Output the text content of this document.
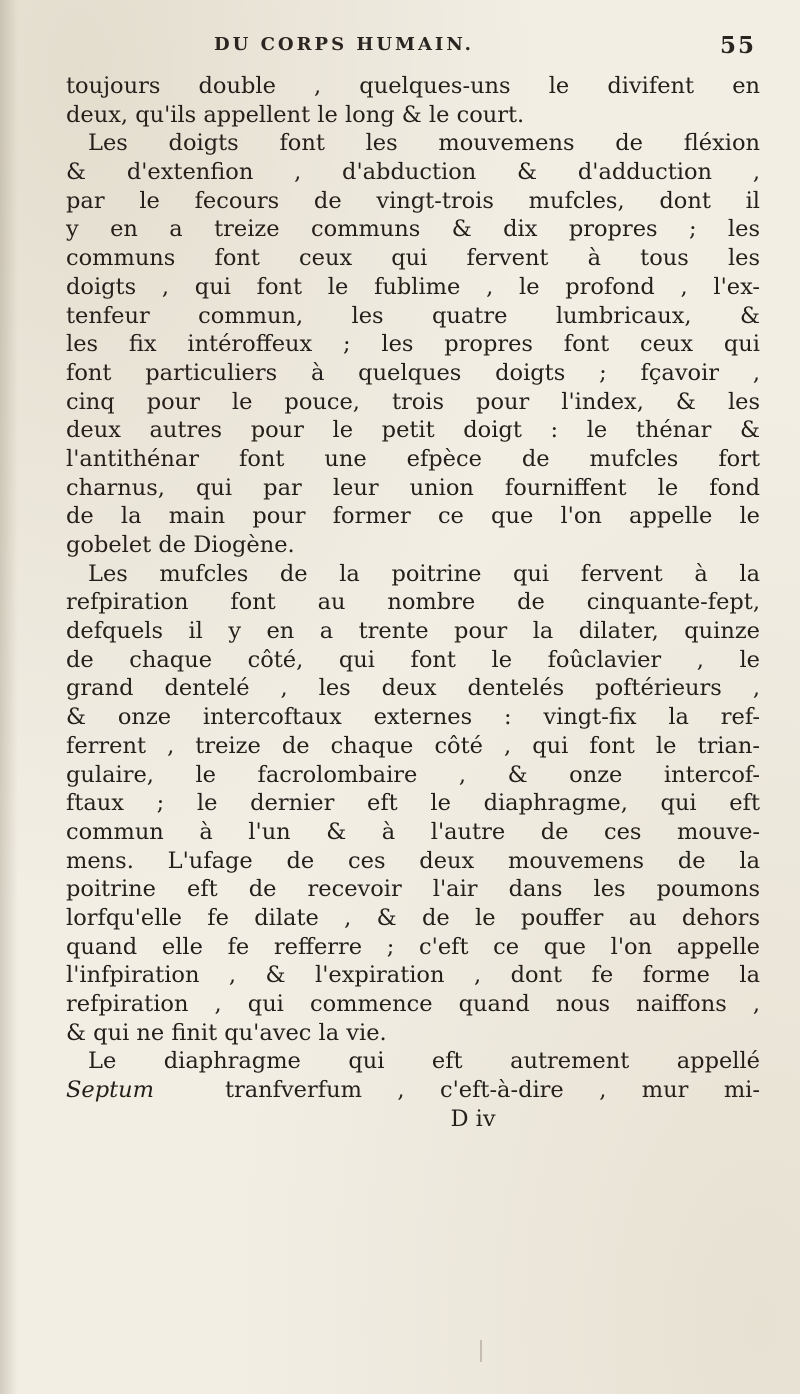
DU CORPS HUMAIN.	55
toujours double , quelques-uns le divifent en
deux, qu'ils appellent le long & le court.
Les doigts font les mouvemens de fléxion
& d'extenfion , d'abduction & d'adduction ,
par le fecours de vingt-trois mufcles, dont il
y en a treize communs & dix propres ; les
communs font ceux qui fervent à tous les
doigts , qui font le fublime , le profond , l'ex-
tenfeur commun, les quatre lumbricaux, &
les fix intéroffeux ; les propres font ceux qui
font particuliers à quelques doigts ; fçavoir ,
cinq pour le pouce, trois pour l'index, & les
deux autres pour le petit doigt : le thénar &
l'antithénar font une efpèce de mufcles fort
charnus, qui par leur union fourniffent le fond
de la main pour former ce que l'on appelle le
gobelet de Diogène.
Les mufcles de la poitrine qui fervent à la
refpiration font au nombre de cinquante-fept,
defquels il y en a trente pour la dilater, quinze
de chaque côté, qui font le foûclavier , le
grand dentelé , les deux dentelés poftérieurs ,
& onze intercoftaux externes : vingt-fix la ref-
ferrent , treize de chaque côté , qui font le trian-
gulaire, le facrolombaire , & onze intercof-
ftaux ; le dernier eft le diaphragme, qui eft
commun à l'un & à l'autre de ces mouve-
mens. L'ufage de ces deux mouvemens de la
poitrine eft de recevoir l'air dans les poumons
lorfqu'elle fe dilate , & de le pouffer au dehors
quand elle fe refferre ; c'eft ce que l'on appelle
l'infpiration , & l'expiration , dont fe forme la
refpiration , qui commence quand nous naiffons ,
& qui ne finit qu'avec la vie.
Le diaphragme qui eft autrement appellé
Septum	tranfverfum , c'eft-à-dire , mur mi-
D iv
